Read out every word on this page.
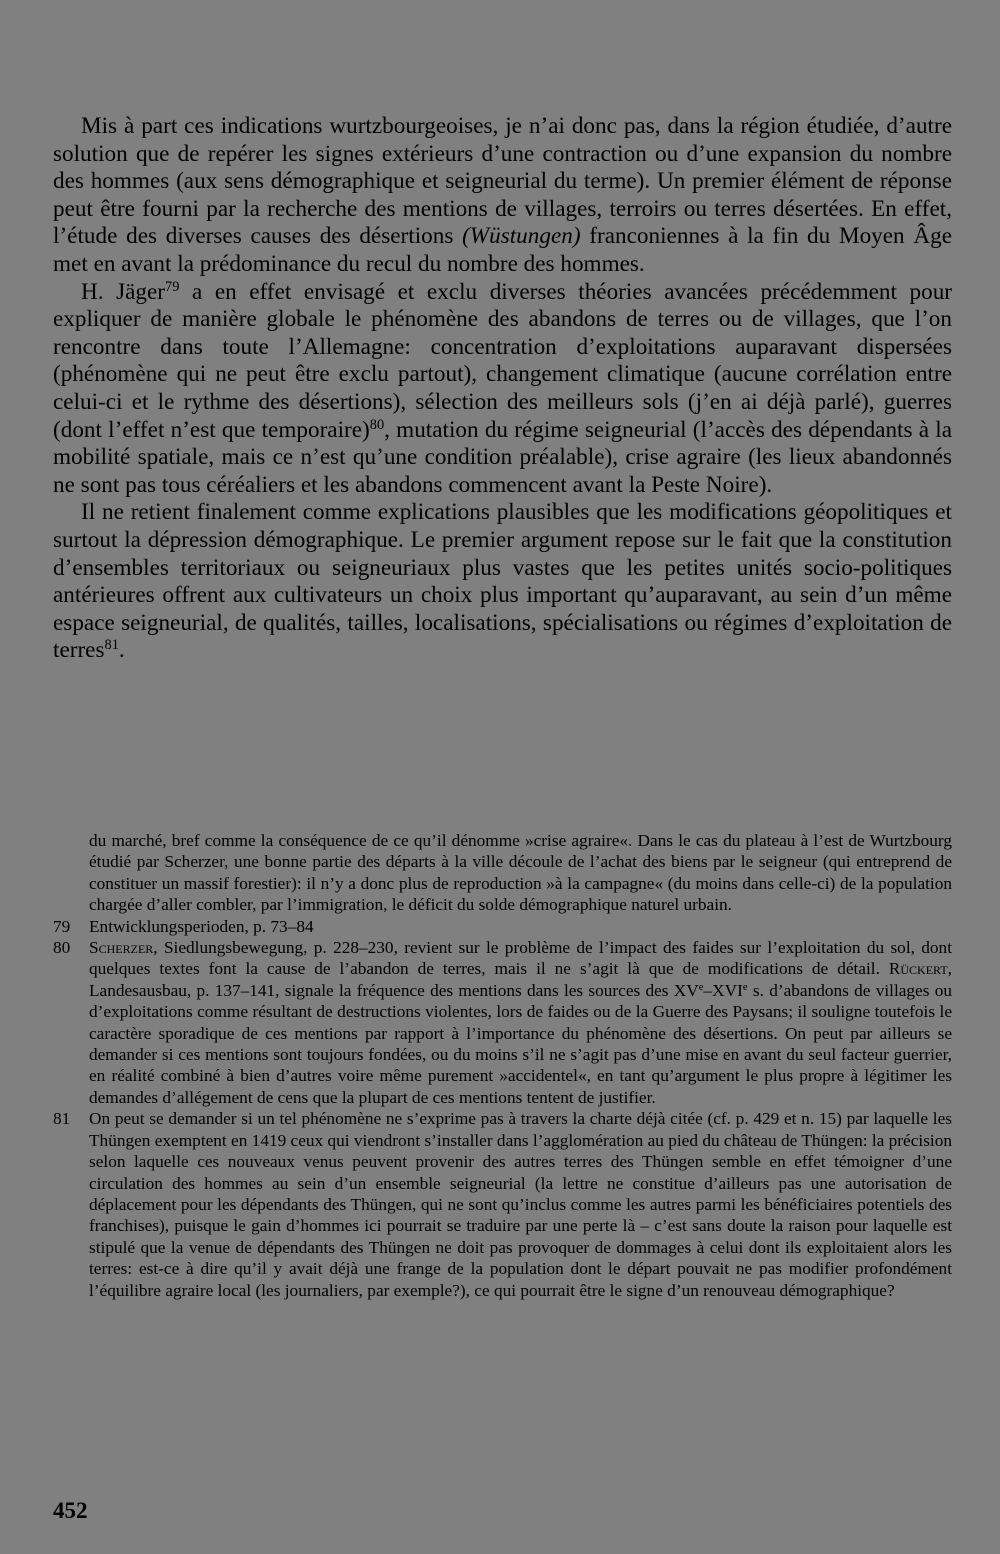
Mis à part ces indications wurtzbourgeoises, je n’ai donc pas, dans la région étudiée, d’autre solution que de repérer les signes extérieurs d’une contraction ou d’une expansion du nombre des hommes (aux sens démographique et seigneurial du terme). Un premier élément de réponse peut être fourni par la recherche des mentions de villages, terroirs ou terres désertées. En effet, l’étude des diverses causes des désertions (Wüstungen) franconiennes à la fin du Moyen Âge met en avant la prédominance du recul du nombre des hommes.

H. Jäger$^{79}$ a en effet envisagé et exclu diverses théories avancées précédemment pour expliquer de manière globale le phénomène des abandons de terres ou de villages, que l’on rencontre dans toute l’Allemagne: concentration d’exploitations auparavant dispersées (phénomène qui ne peut être exclu partout), changement climatique (aucune corrélation entre celui-ci et le rythme des désertions), sélection des meilleurs sols (j’en ai déjà parlé), guerres (dont l’effet n’est que temporaire)$^{80}$, mutation du régime seigneurial (l’accès des dépendants à la mobilité spatiale, mais ce n’est qu’une condition préalable), crise agraire (les lieux abandonnés ne sont pas tous céréaliers et les abandons commencent avant la Peste Noire).

Il ne retient finalement comme explications plausibles que les modifications géopolitiques et surtout la dépression démographique. Le premier argument repose sur le fait que la constitution d’ensembles territoriaux ou seigneuriaux plus vastes que les petites unités socio-politiques antérieures offrent aux cultivateurs un choix plus important qu’auparavant, au sein d’un même espace seigneurial, de qualités, tailles, localisations, spécialisations ou régimes d’exploitation de terres$^{81}$.

du marché, bref comme la conséquence de ce qu’il dénomme »crise agraire«. Dans le cas du plateau à l’est de Wurtzbourg étudié par Scherzer, une bonne partie des départs à la ville découle de l’achat des biens par le seigneur (qui entreprend de constituer un massif forestier): il n’y a donc plus de reproduction »à la campagne« (du moins dans celle-ci) de la population chargée d’aller combler, par l’immigration, le déficit du solde démographique naturel urbain.
79	Entwicklungsperioden, p. 73–84
80	Scherzer, Siedlungsbewegung, p. 228–230, revient sur le problème de l’impact des faides sur l’exploitation du sol, dont quelques textes font la cause de l’abandon de terres, mais il ne s’agit là que de modifications de détail. Rückert, Landesausbau, p. 137–141, signale la fréquence des mentions dans les sources des XVe–XVIe s. d’abandons de villages ou d’exploitations comme résultant de destructions violentes, lors de faides ou de la Guerre des Paysans; il souligne toutefois le caractère sporadique de ces mentions par rapport à l’importance du phénomène des désertions. On peut par ailleurs se demander si ces mentions sont toujours fondées, ou du moins s’il ne s’agit pas d’une mise en avant du seul facteur guerrier, en réalité combiné à bien d’autres voire même purement »accidentel«, en tant qu’argument le plus propre à légitimer les demandes d’allégement de cens que la plupart de ces mentions tentent de justifier.
81	On peut se demander si un tel phénomène ne s’exprime pas à travers la charte déjà citée (cf. p. 429 et n. 15) par laquelle les Thüngen exemptent en 1419 ceux qui viendront s’installer dans l’agglomération au pied du château de Thüngen: la précision selon laquelle ces nouveaux venus peuvent provenir des autres terres des Thüngen semble en effet témoigner d’une circulation des hommes au sein d’un ensemble seigneurial (la lettre ne constitue d’ailleurs pas une autorisation de déplacement pour les dépendants des Thüngen, qui ne sont qu’inclus comme les autres parmi les bénéficiaires potentiels des franchises), puisque le gain d’hommes ici pourrait se traduire par une perte là – c’est sans doute la raison pour laquelle est stipulé que la venue de dépendants des Thüngen ne doit pas provoquer de dommages à celui dont ils exploitaient alors les terres: est-ce à dire qu’il y avait déjà une frange de la population dont le départ pouvait ne pas modifier profondément l’équilibre agraire local (les journaliers, par exemple?), ce qui pourrait être le signe d’un renouveau démographique?
452
